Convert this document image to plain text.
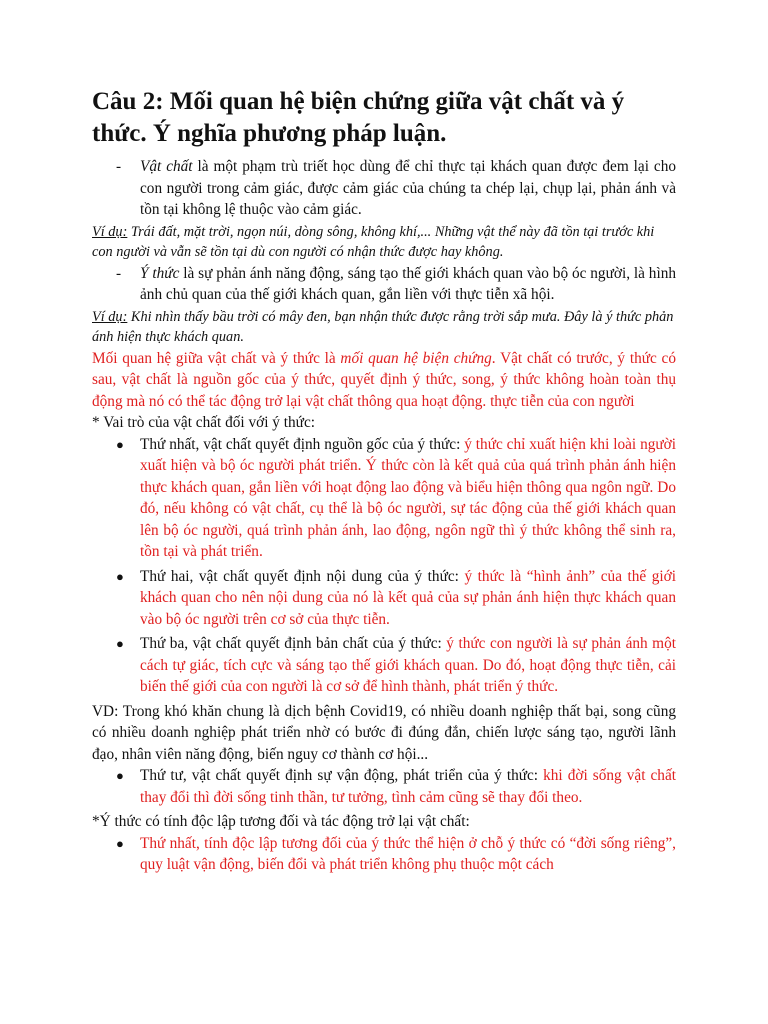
Câu 2: Mối quan hệ biện chứng giữa vật chất và ý thức. Ý nghĩa phương pháp luận.

- Vật chất là một phạm trù triết học dùng để chỉ thực tại khách quan được đem lại cho con người trong cảm giác, được cảm giác của chúng ta chép lại, chụp lại, phản ánh và tồn tại không lệ thuộc vào cảm giác.

Ví dụ: Trái đất, mặt trời, ngọn núi, dòng sông, không khí,... Những vật thể này đã tồn tại trước khi con người và vẫn sẽ tồn tại dù con người có nhận thức được hay không.

- Ý thức là sự phản ánh năng động, sáng tạo thế giới khách quan vào bộ óc người, là hình ảnh chủ quan của thế giới khách quan, gắn liền với thực tiễn xã hội.

Ví dụ: Khi nhìn thấy bầu trời có mây đen, bạn nhận thức được rằng trời sắp mưa. Đây là ý thức phản ánh hiện thực khách quan.

Mối quan hệ giữa vật chất và ý thức là mối quan hệ biện chứng. Vật chất có trước, ý thức có sau, vật chất là nguồn gốc của ý thức, quyết định ý thức, song, ý thức không hoàn toàn thụ động mà nó có thể tác động trở lại vật chất thông qua hoạt động. thực tiễn của con người

* Vai trò của vật chất đối với ý thức:

● Thứ nhất, vật chất quyết định nguồn gốc của ý thức: ý thức chỉ xuất hiện khi loài người xuất hiện và bộ óc người phát triển. Ý thức còn là kết quả của quá trình phản ánh hiện thực khách quan, gắn liền với hoạt động lao động và biểu hiện thông qua ngôn ngữ. Do đó, nếu không có vật chất, cụ thể là bộ óc người, sự tác động của thế giới khách quan lên bộ óc người, quá trình phản ánh, lao động, ngôn ngữ thì ý thức không thể sinh ra, tồn tại và phát triển.

● Thứ hai, vật chất quyết định nội dung của ý thức: ý thức là “hình ảnh” của thế giới khách quan cho nên nội dung của nó là kết quả của sự phản ánh hiện thực khách quan vào bộ óc người trên cơ sở của thực tiễn.

● Thứ ba, vật chất quyết định bản chất của ý thức: ý thức con người là sự phản ánh một cách tự giác, tích cực và sáng tạo thế giới khách quan. Do đó, hoạt động thực tiễn, cải biến thế giới của con người là cơ sở để hình thành, phát triển ý thức.

VD: Trong khó khăn chung là dịch bệnh Covid19, có nhiều doanh nghiệp thất bại, song cũng có nhiều doanh nghiệp phát triển nhờ có bước đi đúng đắn, chiến lược sáng tạo, người lãnh đạo, nhân viên năng động, biến nguy cơ thành cơ hội...

● Thứ tư, vật chất quyết định sự vận động, phát triển của ý thức: khi đời sống vật chất thay đổi thì đời sống tinh thần, tư tưởng, tình cảm cũng sẽ thay đổi theo.

*Ý thức có tính độc lập tương đối và tác động trở lại vật chất:

● Thứ nhất, tính độc lập tương đối của ý thức thể hiện ở chỗ ý thức có “đời sống riêng”, quy luật vận động, biến đổi và phát triển không phụ thuộc một cách
